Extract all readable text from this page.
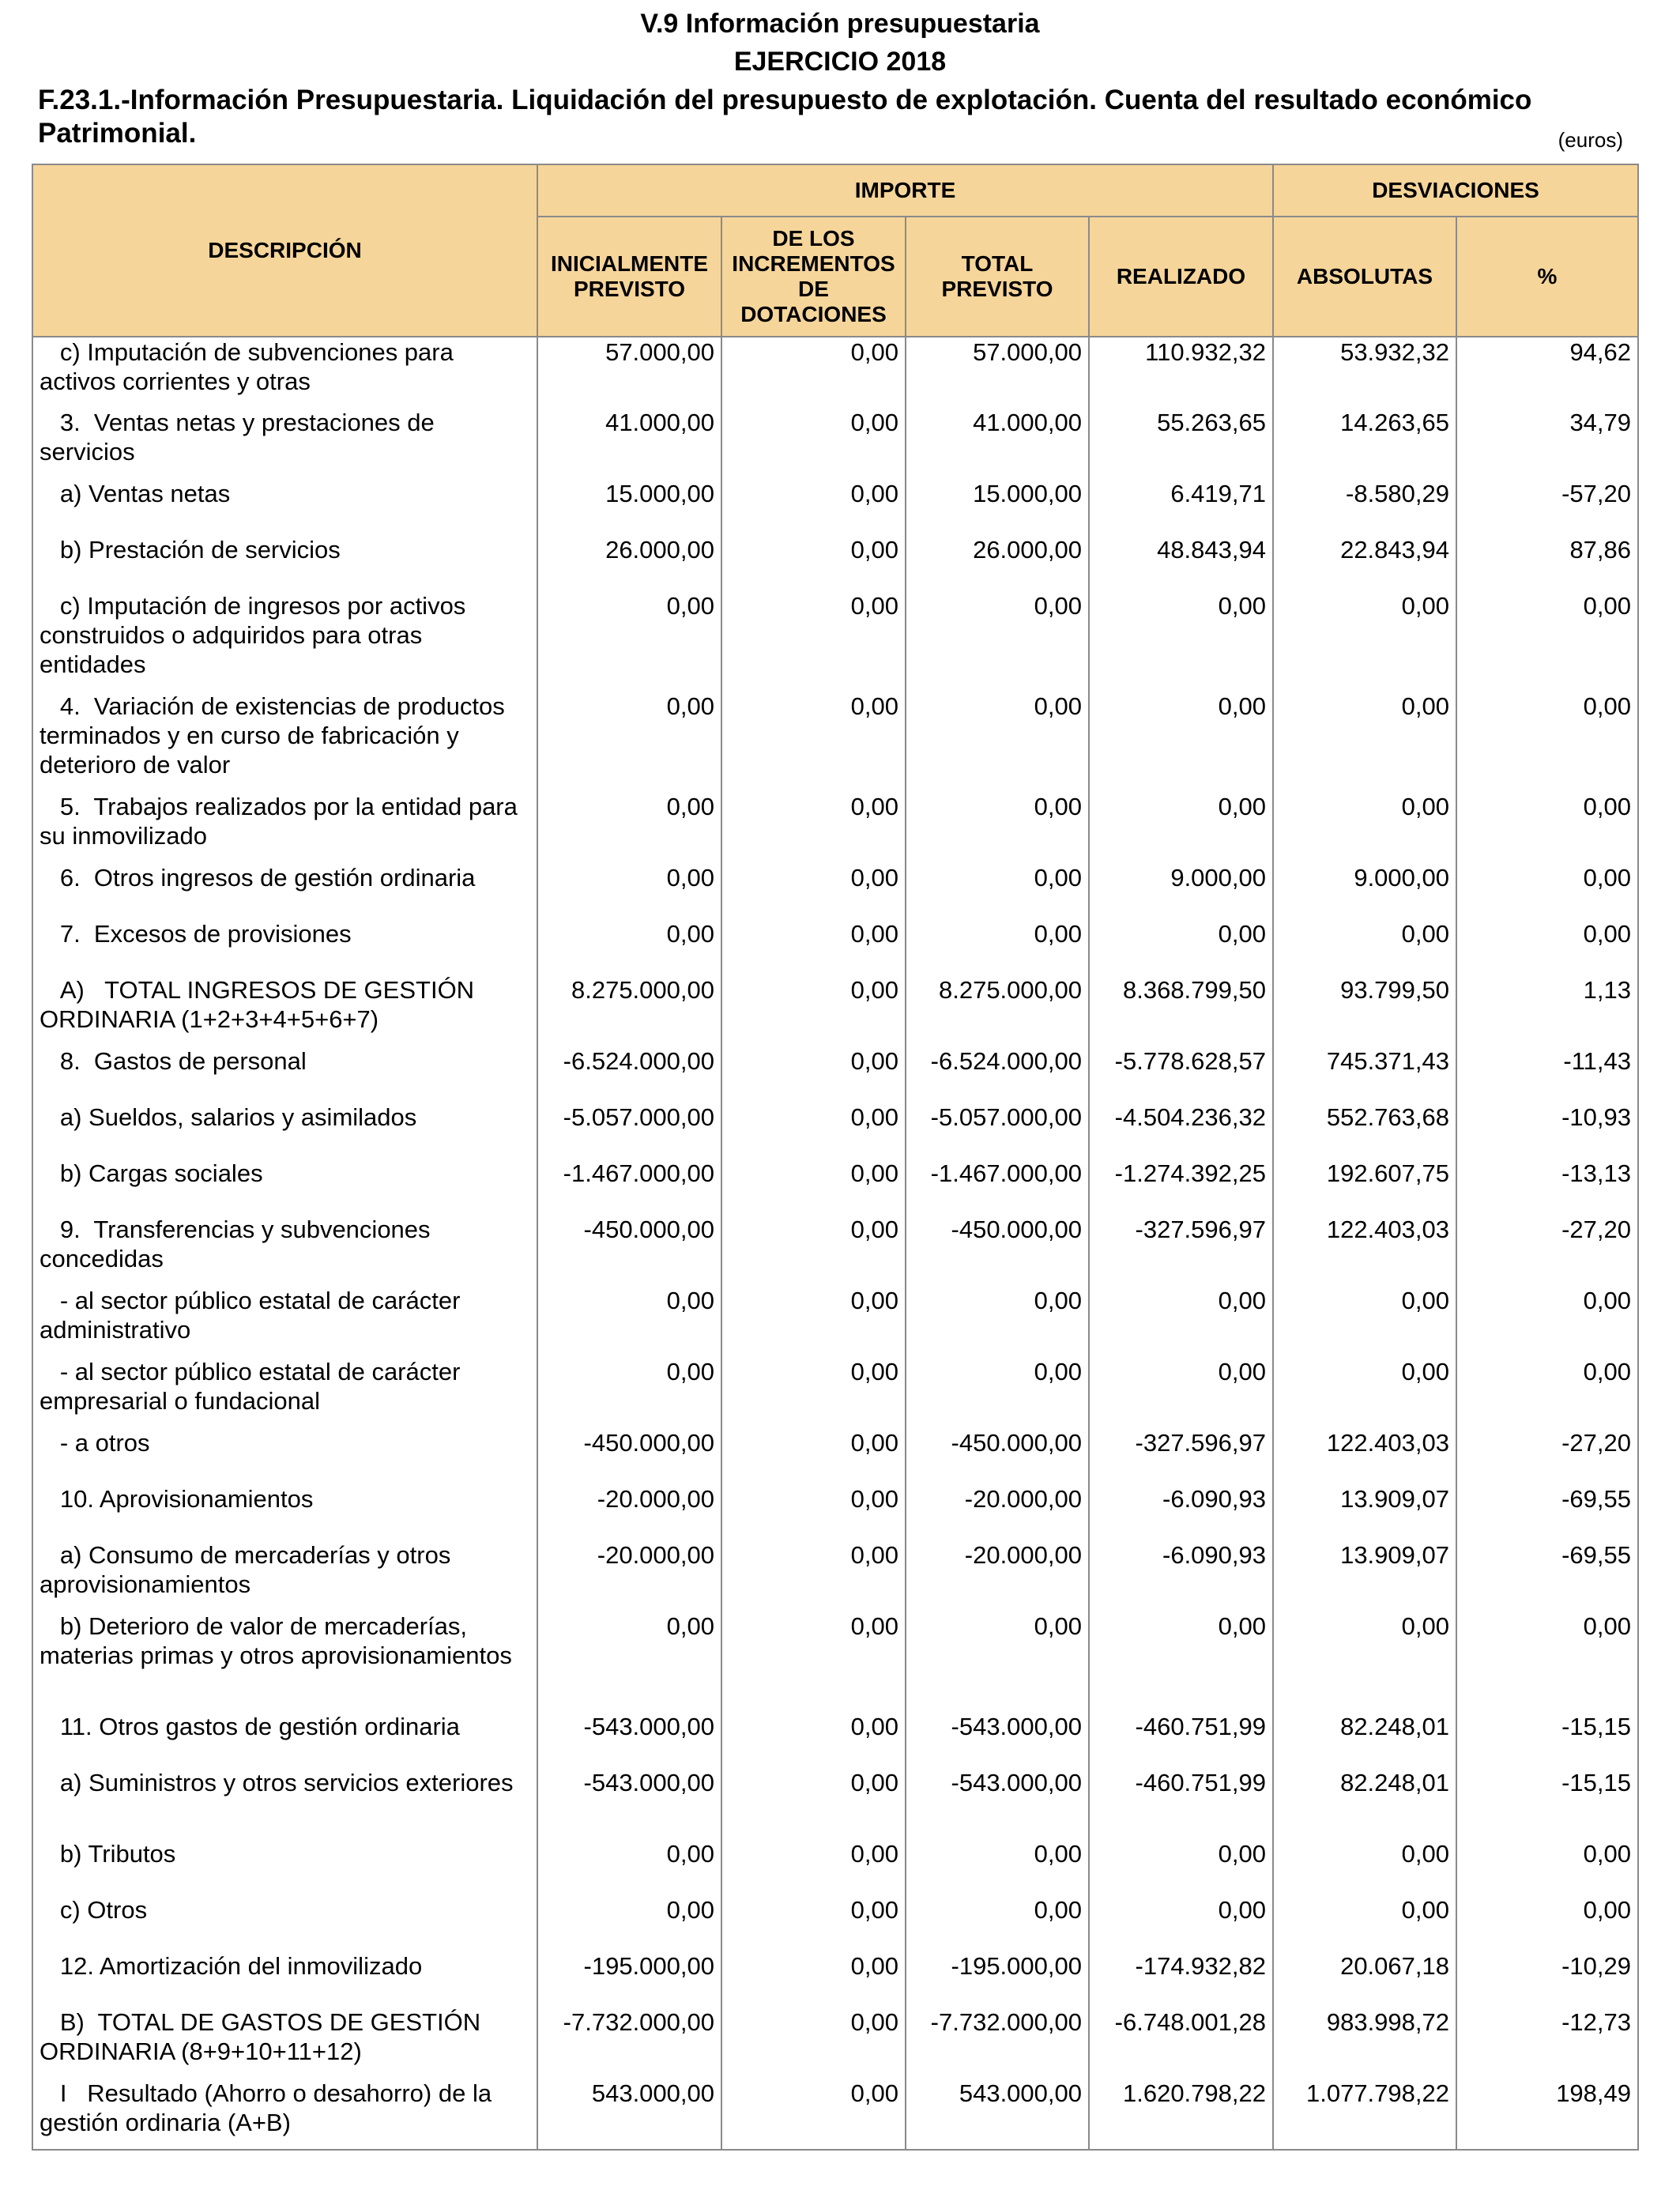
V.9 Información presupuestaria
EJERCICIO 2018
F.23.1.-Información Presupuestaria. Liquidación del presupuesto de explotación. Cuenta del resultado económico Patrimonial.	(euros)
DESCRIPCIÓN	IMPORTE				DESVIACIONES	
	INICIALMENTE PREVISTO	DE LOS INCREMENTOS DE DOTACIONES	TOTAL PREVISTO	REALIZADO	ABSOLUTAS	%
c) Imputación de subvenciones para activos corrientes y otras	57.000,00	0,00	57.000,00	110.932,32	53.932,32	94,62
3.  Ventas netas y prestaciones de servicios	41.000,00	0,00	41.000,00	55.263,65	14.263,65	34,79
a) Ventas netas	15.000,00	0,00	15.000,00	6.419,71	-8.580,29	-57,20
b) Prestación de servicios	26.000,00	0,00	26.000,00	48.843,94	22.843,94	87,86
c) Imputación de ingresos por activos construidos o adquiridos para otras entidades	0,00	0,00	0,00	0,00	0,00	0,00
4.  Variación de existencias de productos terminados y en curso de fabricación y deterioro de valor	0,00	0,00	0,00	0,00	0,00	0,00
5.  Trabajos realizados por la entidad para su inmovilizado	0,00	0,00	0,00	0,00	0,00	0,00
6.  Otros ingresos de gestión ordinaria	0,00	0,00	0,00	9.000,00	9.000,00	0,00
7.  Excesos de provisiones	0,00	0,00	0,00	0,00	0,00	0,00
A)   TOTAL INGRESOS DE GESTIÓN ORDINARIA (1+2+3+4+5+6+7)	8.275.000,00	0,00	8.275.000,00	8.368.799,50	93.799,50	1,13
8.  Gastos de personal	-6.524.000,00	0,00	-6.524.000,00	-5.778.628,57	745.371,43	-11,43
a) Sueldos, salarios y asimilados	-5.057.000,00	0,00	-5.057.000,00	-4.504.236,32	552.763,68	-10,93
b) Cargas sociales	-1.467.000,00	0,00	-1.467.000,00	-1.274.392,25	192.607,75	-13,13
9.  Transferencias y subvenciones concedidas	-450.000,00	0,00	-450.000,00	-327.596,97	122.403,03	-27,20
- al sector público estatal de carácter administrativo	0,00	0,00	0,00	0,00	0,00	0,00
- al sector público estatal de carácter empresarial o fundacional	0,00	0,00	0,00	0,00	0,00	0,00
- a otros	-450.000,00	0,00	-450.000,00	-327.596,97	122.403,03	-27,20
10. Aprovisionamientos	-20.000,00	0,00	-20.000,00	-6.090,93	13.909,07	-69,55
a) Consumo de mercaderías y otros aprovisionamientos	-20.000,00	0,00	-20.000,00	-6.090,93	13.909,07	-69,55
b) Deterioro de valor de mercaderías, materias primas y otros aprovisionamientos	0,00	0,00	0,00	0,00	0,00	0,00
11. Otros gastos de gestión ordinaria	-543.000,00	0,00	-543.000,00	-460.751,99	82.248,01	-15,15
a) Suministros y otros servicios exteriores	-543.000,00	0,00	-543.000,00	-460.751,99	82.248,01	-15,15
b) Tributos	0,00	0,00	0,00	0,00	0,00	0,00
c) Otros	0,00	0,00	0,00	0,00	0,00	0,00
12. Amortización del inmovilizado	-195.000,00	0,00	-195.000,00	-174.932,82	20.067,18	-10,29
B)  TOTAL DE GASTOS DE GESTIÓN ORDINARIA (8+9+10+11+12)	-7.732.000,00	0,00	-7.732.000,00	-6.748.001,28	983.998,72	-12,73
I   Resultado (Ahorro o desahorro) de la gestión ordinaria (A+B)	543.000,00	0,00	543.000,00	1.620.798,22	1.077.798,22	198,49
